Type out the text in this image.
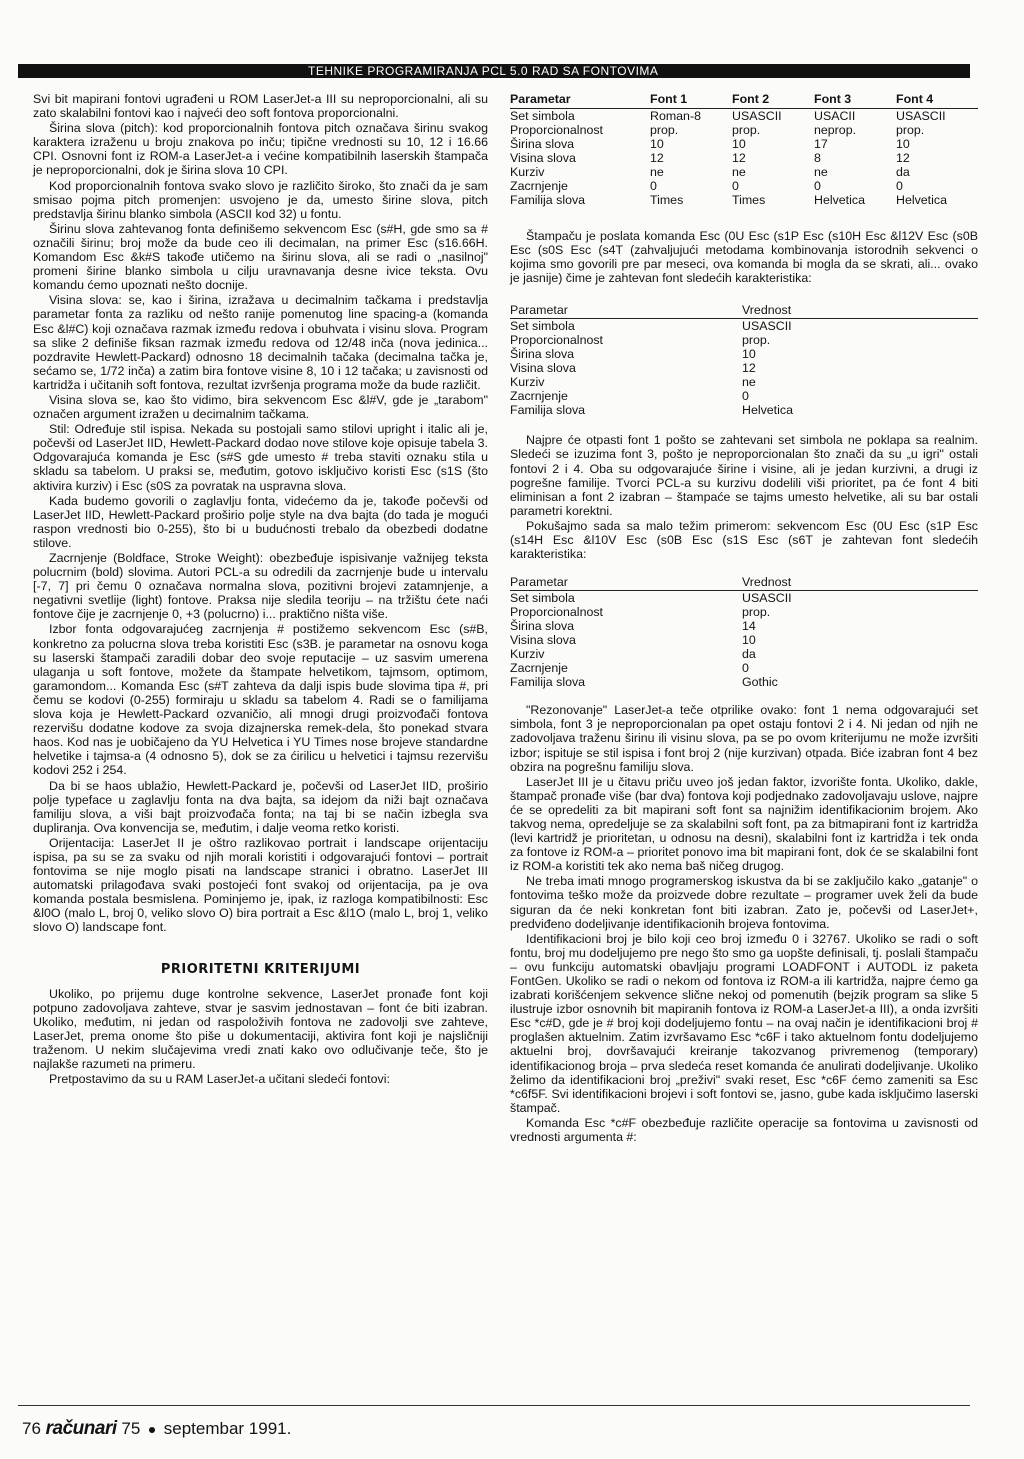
TEHNIKE PROGRAMIRANJA PCL 5.0 RAD SA FONTOVIMA

Svi bit mapirani fontovi ugrađeni u ROM LaserJet-a III su neproporcionalni, ali su zato skalabilni fontovi kao i najveći deo soft fontova proporcionalni.

Širina slova (pitch): kod proporcionalnih fontova pitch označava širinu svakog karaktera izraženu u broju znakova po inču; tipične vrednosti su 10, 12 i 16.66 CPI. Osnovni font iz ROM-a LaserJet-a i većine kompatibilnih laserskih štampača je neproporcionalni, dok je širina slova 10 CPI.

Kod proporcionalnih fontova svako slovo je različito široko, što znači da je sam smisao pojma pitch promenjen: usvojeno je da, umesto širine slova, pitch predstavlja širinu blanko simbola (ASCII kod 32) u fontu.

Širinu slova zahtevanog fonta definišemo sekvencom Esc (s#H, gde smo sa # označili širinu; broj može da bude ceo ili decimalan, na primer Esc (s16.66H. Komandom Esc &k#S takođe utičemo na širinu slova, ali se radi o „nasilnoj" promeni širine blanko simbola u cilju uravnavanja desne ivice teksta. Ovu komandu ćemo upoznati nešto docnije.

Visina slova: se, kao i širina, izražava u decimalnim tačkama i predstavlja parametar fonta za razliku od nešto ranije pomenutog line spacing-a (komanda Esc &l#C) koji označava razmak između redova i obuhvata i visinu slova. Program sa slike 2 definiše fiksan razmak između redova od 12/48 inča (nova jedinica... pozdravite Hewlett-Packard) odnosno 18 decimalnih tačaka (decimalna tačka je, sećamo se, 1/72 inča) a zatim bira fontove visine 8, 10 i 12 tačaka; u zavisnosti od kartridža i učitanih soft fontova, rezultat izvršenja programa može da bude različit.

Visina slova se, kao što vidimo, bira sekvencom Esc &l#V, gde je „tarabom" označen argument izražen u decimalnim tačkama.

Stil: Određuje stil ispisa. Nekada su postojali samo stilovi upright i italic ali je, počevši od LaserJet IID, Hewlett-Packard dodao nove stilove koje opisuje tabela 3. Odgovarajuća komanda je Esc (s#S gde umesto # treba staviti oznaku stila u skladu sa tabelom. U praksi se, međutim, gotovo isključivo koristi Esc (s1S (što aktivira kurziv) i Esc (s0S za povratak na uspravna slova.

Kada budemo govorili o zaglavlju fonta, videćemo da je, takođe počevši od LaserJet IID, Hewlett-Packard proširio polje style na dva bajta (do tada je mogući raspon vrednosti bio 0-255), što bi u budućnosti trebalo da obezbedi dodatne stilove.

Zacrnjenje (Boldface, Stroke Weight): obezbeđuje ispisivanje važnijeg teksta polucrnim (bold) slovima. Autori PCL-a su odredili da zacrnjenje bude u intervalu [-7, 7] pri čemu 0 označava normalna slova, pozitivni brojevi zatamnjenje, a negativni svetlije (light) fontove. Praksa nije sledila teoriju – na tržištu ćete naći fontove čije je zacrnjenje 0, +3 (polucrno) i... praktično ništa više.

Izbor fonta odgovarajućeg zacrnjenja # postižemo sekvencom Esc (s#B, konkretno za polucrna slova treba koristiti Esc (s3B. je parametar na osnovu koga su laserski štampači zaradili dobar deo svoje reputacije – uz sasvim umerena ulaganja u soft fontove, možete da štampate helvetikom, tajmsom, optimom, garamondom... Komanda Esc (s#T zahteva da dalji ispis bude slovima tipa #, pri čemu se kodovi (0-255) formiraju u skladu sa tabelom 4. Radi se o familijama slova koja je Hewlett-Packard ozvaničio, ali mnogi drugi proizvođači fontova rezervišu dodatne kodove za svoja dizajnerska remek-dela, što ponekad stvara haos. Kod nas je uobičajeno da YU Helvetica i YU Times nose brojeve standardne helvetike i tajmsa-a (4 odnosno 5), dok se za ćirilicu u helvetici i tajmsu rezervišu kodovi 252 i 254.

Da bi se haos ublažio, Hewlett-Packard je, počevši od LaserJet IID, proširio polje typeface u zaglavlju fonta na dva bajta, sa idejom da niži bajt označava familiju slova, a viši bajt proizvođača fonta; na taj bi se način izbegla sva dupliranja. Ova konvencija se, međutim, i dalje veoma retko koristi.

Orijentacija: LaserJet II je oštro razlikovao portrait i landscape orijentaciju ispisa, pa su se za svaku od njih morali koristiti i odgovarajući fontovi – portrait fontovima se nije moglo pisati na landscape stranici i obratno. LaserJet III automatski prilagođava svaki postojeći font svakoj od orijentacija, pa je ova komanda postala besmislena. Pominjemo je, ipak, iz razloga kompatibilnosti: Esc &l0O (malo L, broj 0, veliko slovo O) bira portrait a Esc &l1O (malo L, broj 1, veliko slovo O) landscape font.

PRIORITETNI KRITERIJUMI

Ukoliko, po prijemu duge kontrolne sekvence, LaserJet pronađe font koji potpuno zadovoljava zahteve, stvar je sasvim jednostavan – font će biti izabran. Ukoliko, međutim, ni jedan od raspoloživih fontova ne zadovolji sve zahteve, LaserJet, prema onome što piše u dokumentaciji, aktivira font koji je najsličniji traženom. U nekim slučajevima vredi znati kako ovo odlučivanje teče, što je najlakše razumeti na primeru.

Pretpostavimo da su u RAM LaserJet-a učitani sledeći fontovi:

Parametar	Font 1	Font 2	Font 3	Font 4
Set simbola	Roman-8	USASCII	USACII	USASCII
Proporcionalnost	prop.	prop.	neprop.	prop.
Širina slova	10	10	17	10
Visina slova	12	12	8	12
Kurziv	ne	ne	ne	da
Zacrnjenje	0	0	0	0
Familija slova	Times	Times	Helvetica	Helvetica

Štampaču je poslata komanda Esc (0U Esc (s1P Esc (s10H Esc &l12V Esc (s0B Esc (s0S Esc (s4T (zahvaljujući metodama kombinovanja istorodnih sekvenci o kojima smo govorili pre par meseci, ova komanda bi mogla da se skrati, ali... ovako je jasnije) čime je zahtevan font sledećih karakteristika:

Parametar	Vrednost
Set simbola	USASCII
Proporcionalnost	prop.
Širina slova	10
Visina slova	12
Kurziv	ne
Zacrnjenje	0
Familija slova	Helvetica

Najpre će otpasti font 1 pošto se zahtevani set simbola ne poklapa sa realnim. Sledeći se izuzima font 3, pošto je neproporcionalan što znači da su „u igri" ostali fontovi 2 i 4. Oba su odgovarajuće širine i visine, ali je jedan kurzivni, a drugi iz pogrešne familije. Tvorci PCL-a su kurzivu dodelili viši prioritet, pa će font 4 biti eliminisan a font 2 izabran – štampaće se tajms umesto helvetike, ali su bar ostali parametri korektni.

Pokušajmo sada sa malo težim primerom: sekvencom Esc (0U Esc (s1P Esc (s14H Esc &l10V Esc (s0B Esc (s1S Esc (s6T je zahtevan font sledećih karakteristika:

Parametar	Vrednost
Set simbola	USASCII
Proporcionalnost	prop.
Širina slova	14
Visina slova	10
Kurziv	da
Zacrnjenje	0
Familija slova	Gothic

"Rezonovanje" LaserJet-a teče otprilike ovako: font 1 nema odgovarajući set simbola, font 3 je neproporcionalan pa opet ostaju fontovi 2 i 4. Ni jedan od njih ne zadovoljava traženu širinu ili visinu slova, pa se po ovom kriterijumu ne može izvršiti izbor; ispituje se stil ispisa i font broj 2 (nije kurzivan) otpada. Biće izabran font 4 bez obzira na pogrešnu familiju slova.

LaserJet III je u čitavu priču uveo još jedan faktor, izvorište fonta. Ukoliko, dakle, štampač pronađe više (bar dva) fontova koji podjednako zadovoljavaju uslove, najpre će se opredeliti za bit mapirani soft font sa najnižim identifikacionim brojem. Ako takvog nema, opredeljuje se za skalabilni soft font, pa za bitmapirani font iz kartridža (levi kartridž je prioritetan, u odnosu na desni), skalabilni font iz kartridža i tek onda za fontove iz ROM-a – prioritet ponovo ima bit mapirani font, dok će se skalabilni font iz ROM-a koristiti tek ako nema baš ničeg drugog.

Ne treba imati mnogo programerskog iskustva da bi se zaključilo kako „gatanje" o fontovima teško može da proizvede dobre rezultate – programer uvek želi da bude siguran da će neki konkretan font biti izabran. Zato je, počevši od LaserJet+, predviđeno dodeljivanje identifikacionih brojeva fontovima.

Identifikacioni broj je bilo koji ceo broj između 0 i 32767. Ukoliko se radi o soft fontu, broj mu dodeljujemo pre nego što smo ga uopšte definisali, tj. poslali štampaču – ovu funkciju automatski obavljaju programi LOADFONT i AUTODL iz paketa FontGen. Ukoliko se radi o nekom od fontova iz ROM-a ili kartridža, najpre ćemo ga izabrati korišćenjem sekvence slične nekoj od pomenutih (bejzik program sa slike 5 ilustruje izbor osnovnih bit mapiranih fontova iz ROM-a LaserJet-a III), a onda izvršiti Esc *c#D, gde je # broj koji dodeljujemo fontu – na ovaj način je identifikacioni broj # proglašen aktuelnim. Zatim izvršavamo Esc *c6F i tako aktuelnom fontu dodeljujemo aktuelni broj, dovršavajući kreiranje takozvanog privremenog (temporary) identifikacionog broja – prva sledeća reset komanda će anulirati dodeljivanje. Ukoliko želimo da identifikacioni broj „preživi" svaki reset, Esc *c6F ćemo zameniti sa Esc *c6f5F. Svi identifikacioni brojevi i soft fontovi se, jasno, gube kada isključimo laserski štampač.

Komanda Esc *c#F obezbeđuje različite operacije sa fontovima u zavisnosti od vrednosti argumenta #:

76 računari 75 septembar 1991.
